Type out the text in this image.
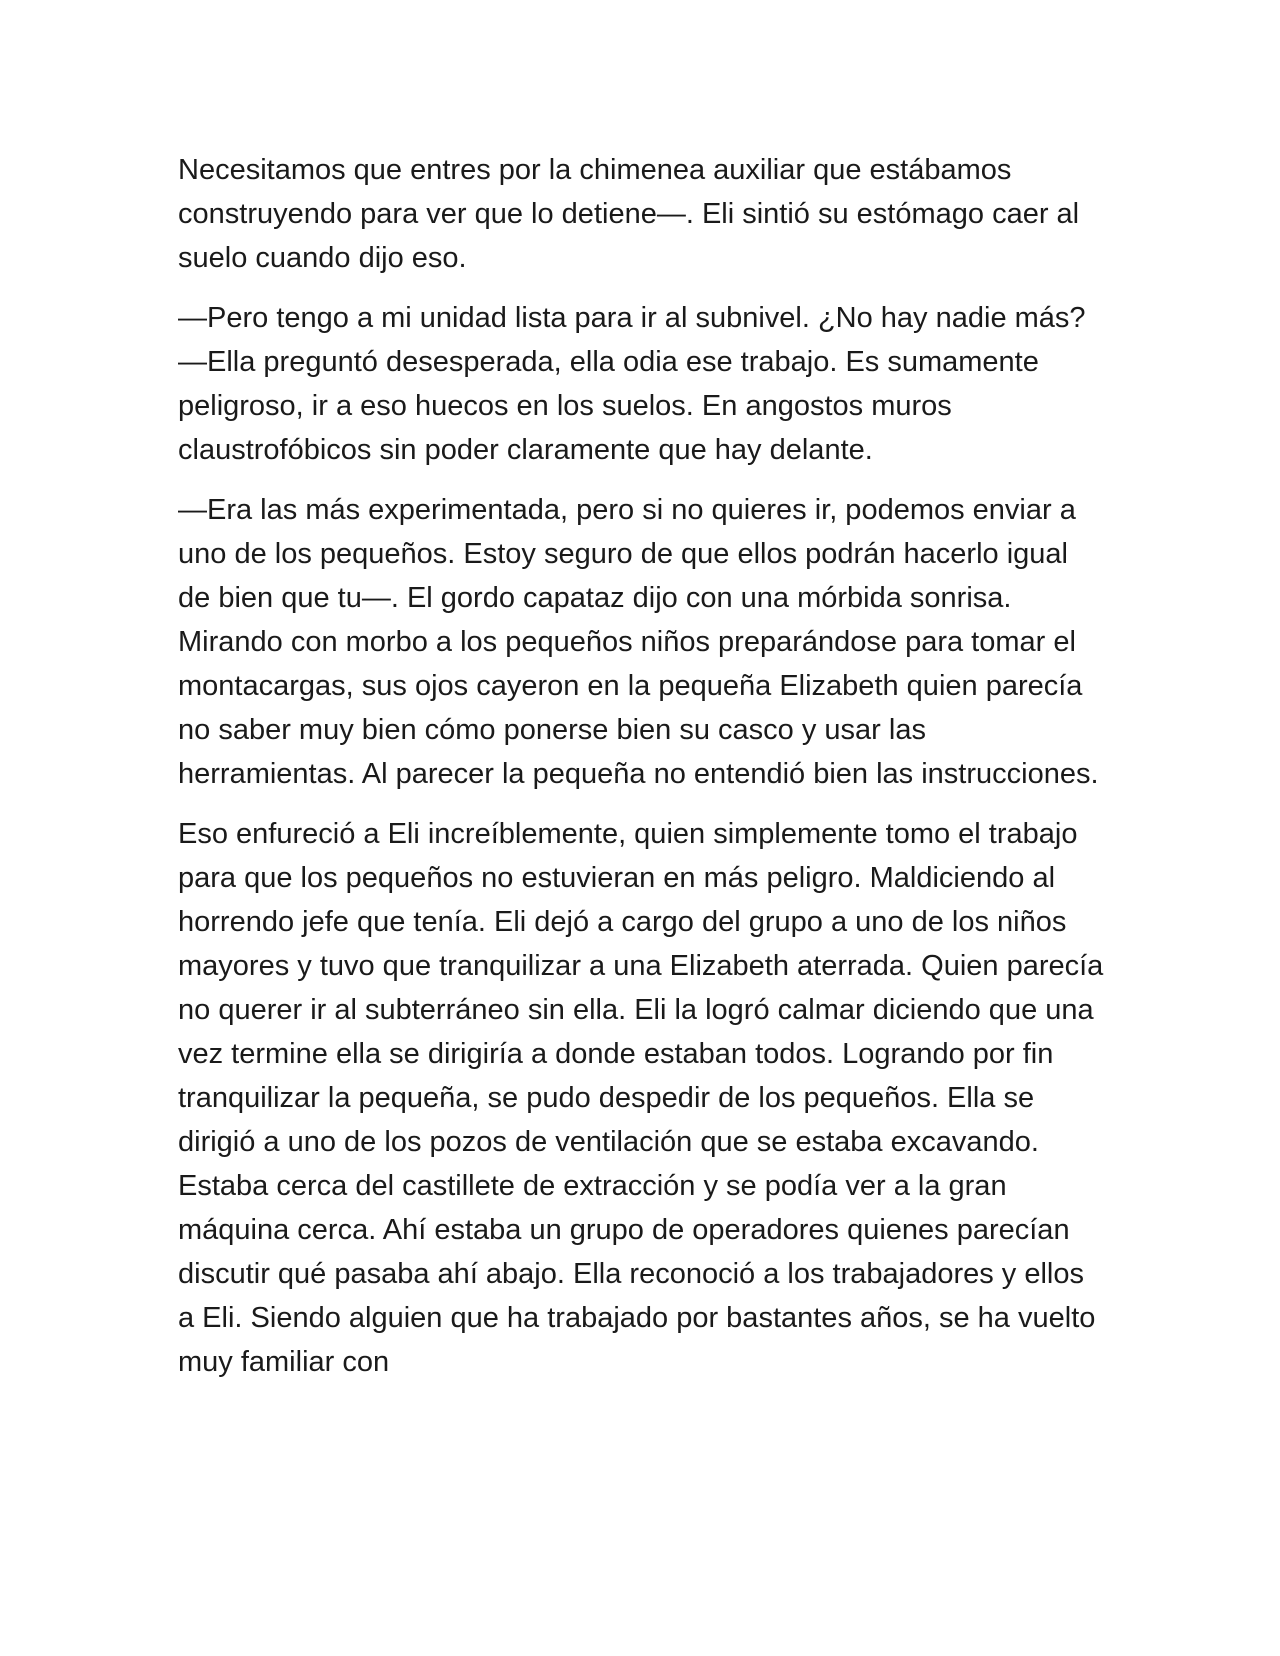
Necesitamos que entres por la chimenea auxiliar que estábamos construyendo para ver que lo detiene—. Eli sintió su estómago caer al suelo cuando dijo eso.

—Pero tengo a mi unidad lista para ir al subnivel. ¿No hay nadie más? —Ella preguntó desesperada, ella odia ese trabajo. Es sumamente peligroso, ir a eso huecos en los suelos. En angostos muros claustrofóbicos sin poder claramente que hay delante.

—Era las más experimentada, pero si no quieres ir, podemos enviar a uno de los pequeños. Estoy seguro de que ellos podrán hacerlo igual de bien que tu—. El gordo capataz dijo con una mórbida sonrisa. Mirando con morbo a los pequeños niños preparándose para tomar el montacargas, sus ojos cayeron en la pequeña Elizabeth quien parecía no saber muy bien cómo ponerse bien su casco y usar las herramientas. Al parecer la pequeña no entendió bien las instrucciones.

Eso enfureció a Eli increíblemente, quien simplemente tomo el trabajo para que los pequeños no estuvieran en más peligro. Maldiciendo al horrendo jefe que tenía. Eli dejó a cargo del grupo a uno de los niños mayores y tuvo que tranquilizar a una Elizabeth aterrada. Quien parecía no querer ir al subterráneo sin ella. Eli la logró calmar diciendo que una vez termine ella se dirigiría a donde estaban todos. Logrando por fin tranquilizar la pequeña, se pudo despedir de los pequeños. Ella se dirigió a uno de los pozos de ventilación que se estaba excavando. Estaba cerca del castillete de extracción y se podía ver a la gran máquina cerca. Ahí estaba un grupo de operadores quienes parecían discutir qué pasaba ahí abajo. Ella reconoció a los trabajadores y ellos a Eli. Siendo alguien que ha trabajado por bastantes años, se ha vuelto muy familiar con
